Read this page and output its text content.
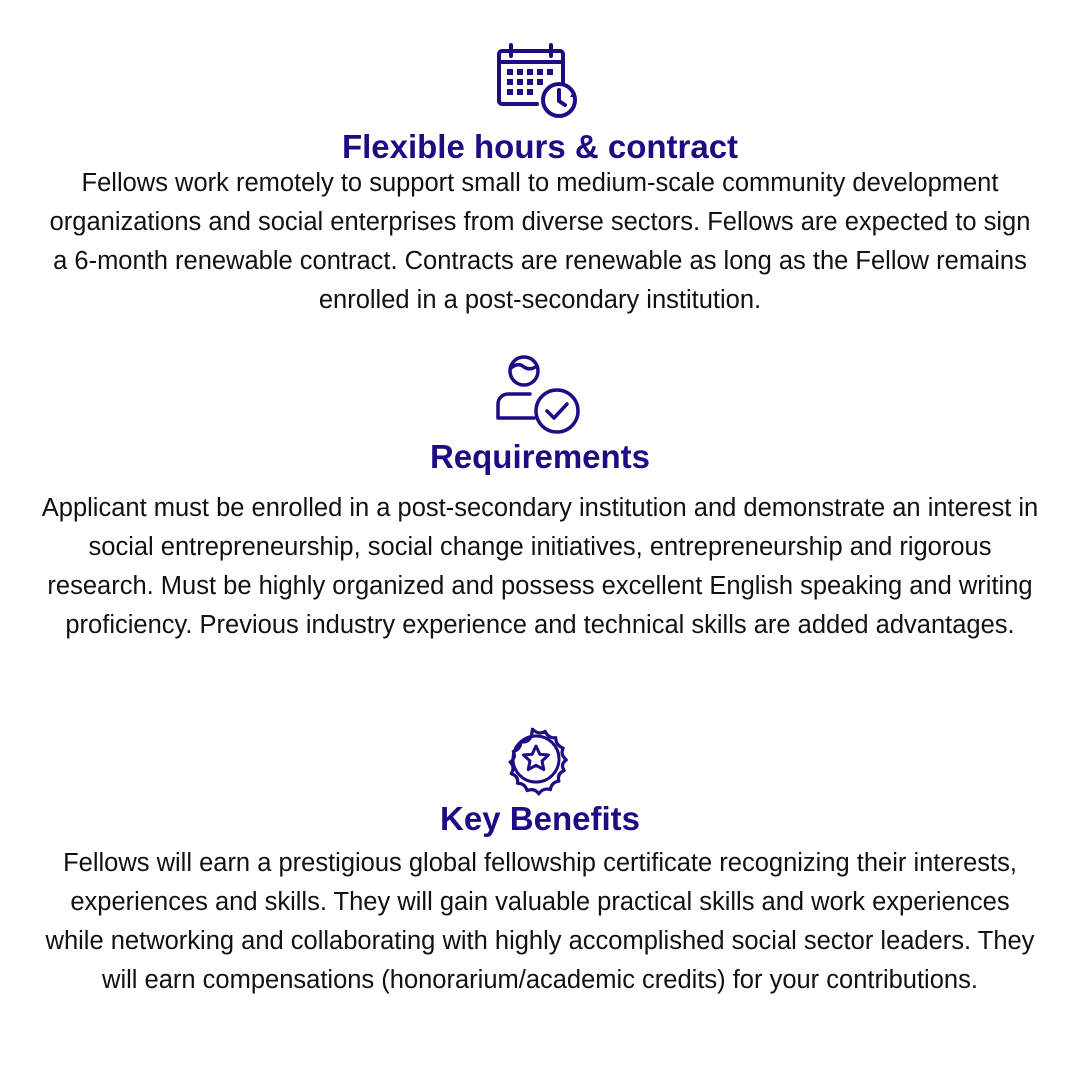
Flexible hours & contract
Fellows work remotely to support small to medium-scale community development organizations and social enterprises from diverse sectors. Fellows are expected to sign a 6-month renewable contract. Contracts are renewable as long as the Fellow remains enrolled in a post-secondary institution.
Requirements
Applicant must be enrolled in a post-secondary institution and demonstrate an interest in social entrepreneurship, social change initiatives, entrepreneurship and rigorous research. Must be highly organized and possess excellent English speaking and writing proficiency. Previous industry experience and technical skills are added advantages.
Key Benefits
Fellows will earn a prestigious global fellowship certificate recognizing their interests, experiences and skills. They will gain valuable practical skills and work experiences while networking and collaborating with highly accomplished social sector leaders. They will earn compensations (honorarium/academic credits) for your contributions.
